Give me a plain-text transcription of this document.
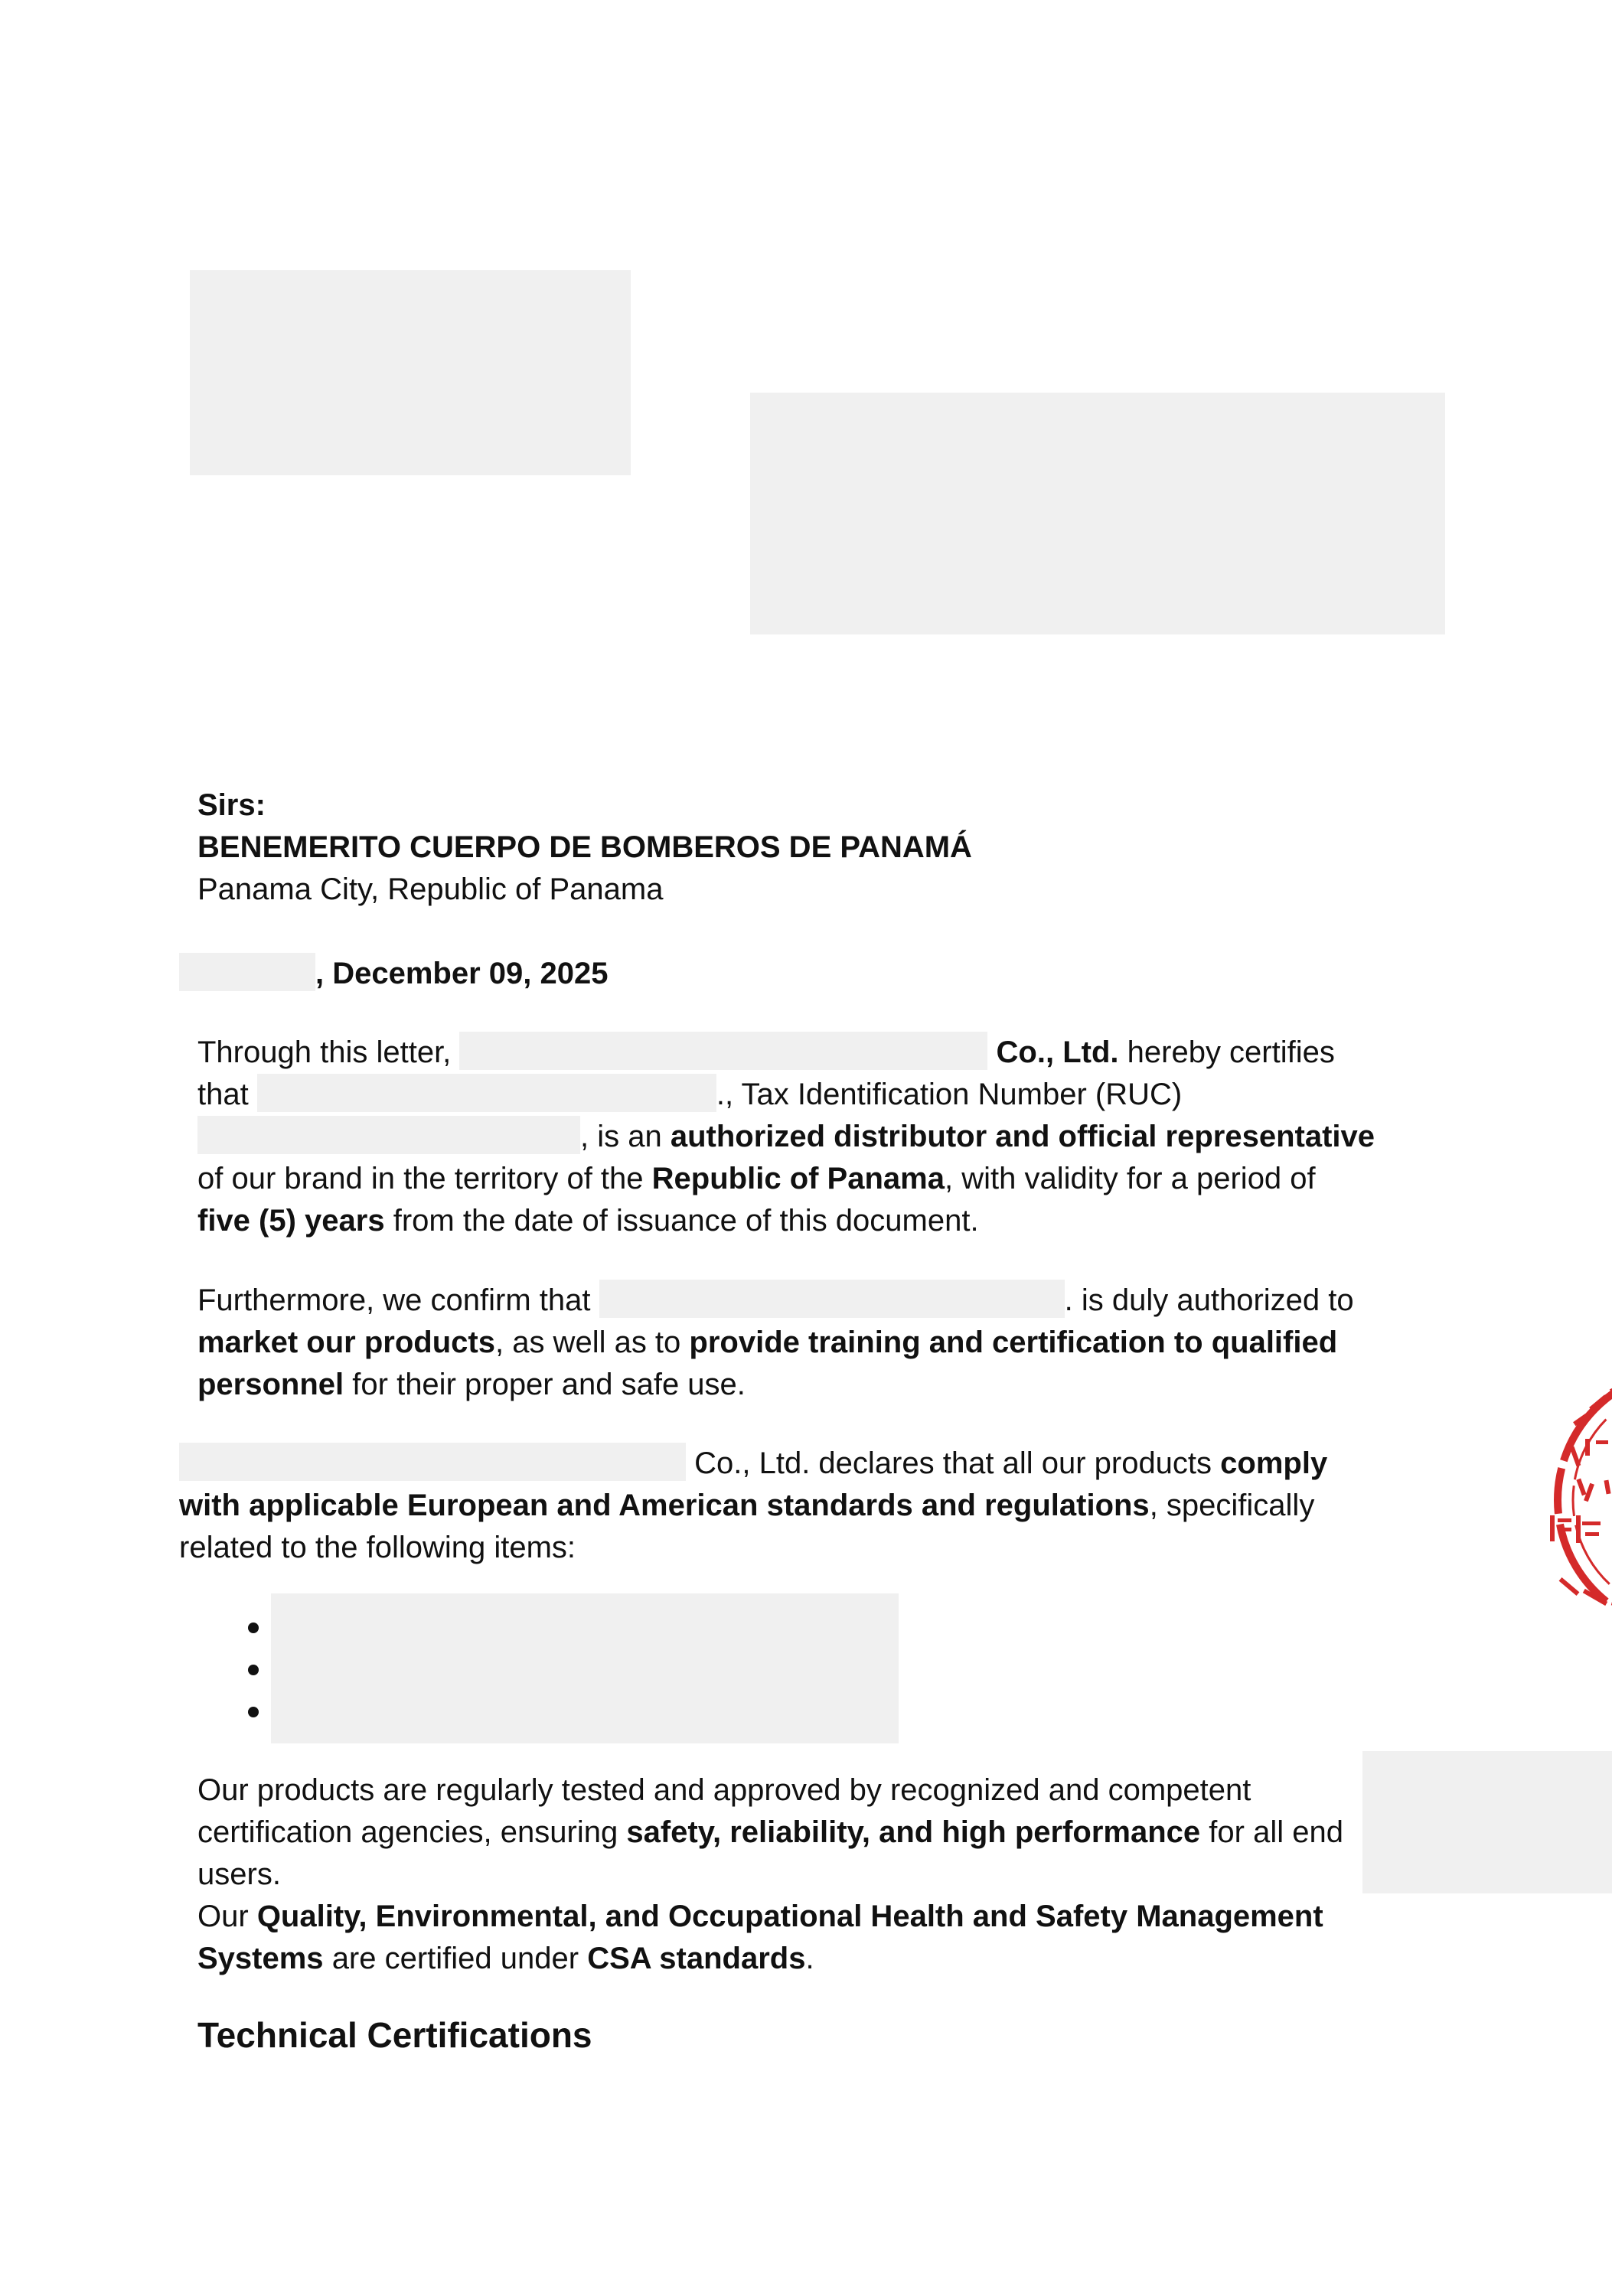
Sirs:

BENEMERITO CUERPO DE BOMBEROS DE PANAMÁ

Panama City, Republic of Panama

, December 09, 2025

Through this letter,	Co., Ltd. hereby certifies that	., Tax Identification Number (RUC) , is an authorized distributor and official representative of our brand in the territory of the Republic of Panama, with validity for a period of five (5) years from the date of issuance of this document.

Furthermore, we confirm that	. is duly authorized to market our products, as well as to provide training and certification to qualified personnel for their proper and safe use.

Co., Ltd. declares that all our products comply with applicable European and American standards and regulations, specifically related to the following items:

Our products are regularly tested and approved by recognized and competent certification agencies, ensuring safety, reliability, and high performance for all end users.

Our Quality, Environmental, and Occupational Health and Safety Management Systems are certified under CSA standards.

Technical Certifications
